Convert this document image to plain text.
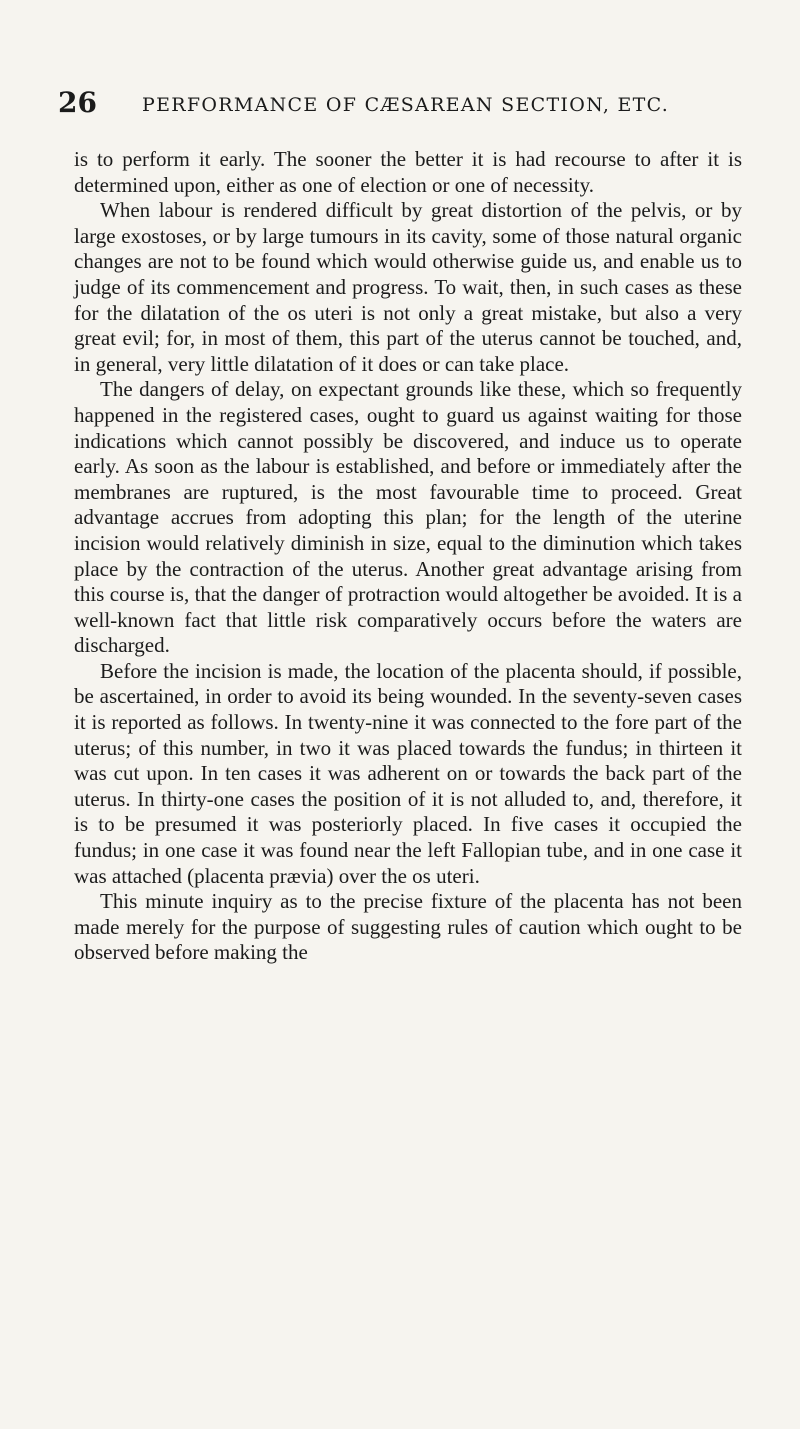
26 PERFORMANCE OF CÆSAREAN SECTION, ETC.

is to perform it early. The sooner the better it is had recourse to after it is determined upon, either as one of election or one of necessity.

When labour is rendered difficult by great distortion of the pelvis, or by large exostoses, or by large tumours in its cavity, some of those natural organic changes are not to be found which would otherwise guide us, and enable us to judge of its commencement and progress. To wait, then, in such cases as these for the dilatation of the os uteri is not only a great mistake, but also a very great evil; for, in most of them, this part of the uterus cannot be touched, and, in general, very little dilatation of it does or can take place.

The dangers of delay, on expectant grounds like these, which so frequently happened in the registered cases, ought to guard us against waiting for those indications which cannot possibly be discovered, and induce us to operate early. As soon as the labour is established, and before or immediately after the membranes are ruptured, is the most favourable time to proceed. Great advantage accrues from adopting this plan; for the length of the uterine incision would relatively diminish in size, equal to the diminution which takes place by the contraction of the uterus. Another great advantage arising from this course is, that the danger of protraction would altogether be avoided. It is a well-known fact that little risk comparatively occurs before the waters are discharged.

Before the incision is made, the location of the placenta should, if possible, be ascertained, in order to avoid its being wounded. In the seventy-seven cases it is reported as follows. In twenty-nine it was connected to the fore part of the uterus; of this number, in two it was placed towards the fundus; in thirteen it was cut upon. In ten cases it was adherent on or towards the back part of the uterus. In thirty-one cases the position of it is not alluded to, and, therefore, it is to be presumed it was posteriorly placed. In five cases it occupied the fundus; in one case it was found near the left Fallopian tube, and in one case it was attached (placenta prævia) over the os uteri.

This minute inquiry as to the precise fixture of the placenta has not been made merely for the purpose of suggesting rules of caution which ought to be observed before making the
